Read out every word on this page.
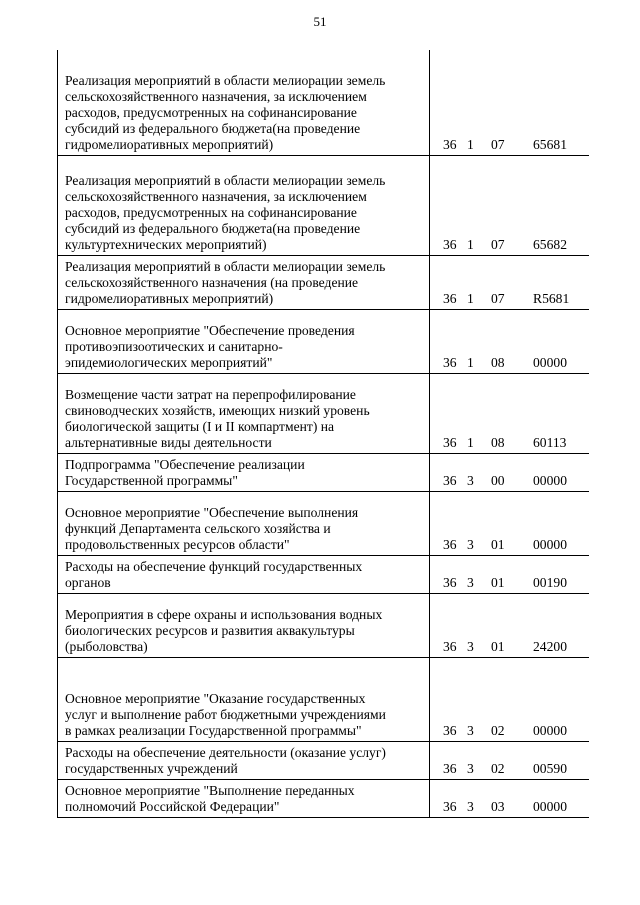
51
Реализация мероприятий в области мелиорации земель
сельскохозяйственного назначения, за исключением
расходов, предусмотренных на софинансирование
субсидий из федерального бюджета(на проведение
гидромелиоративных мероприятий)	36 1 07 65681
Реализация мероприятий в области мелиорации земель
сельскохозяйственного назначения, за исключением
расходов, предусмотренных на софинансирование
субсидий из федерального бюджета(на проведение
культуртехнических мероприятий)	36 1 07 65682
Реализация мероприятий в области мелиорации земель
сельскохозяйственного назначения (на проведение
гидромелиоративных мероприятий)	36 1 07 R5681
Основное мероприятие "Обеспечение проведения
противоэпизоотических и санитарно-
эпидемиологических мероприятий"	36 1 08 00000
Возмещение части затрат на перепрофилирование
свиноводческих хозяйств, имеющих низкий уровень
биологической защиты (I и II компартмент) на
альтернативные виды деятельности	36 1 08 60113
Подпрограмма "Обеспечение реализации
Государственной программы"	36 3 00 00000
Основное мероприятие "Обеспечение выполнения
функций Департамента сельского хозяйства и
продовольственных ресурсов области"	36 3 01 00000
Расходы на обеспечение функций государственных
органов	36 3 01 00190
Мероприятия в сфере охраны и использования водных
биологических ресурсов и развития аквакультуры
(рыболовства)	36 3 01 24200
Основное мероприятие "Оказание государственных
услуг и выполнение работ бюджетными учреждениями
в рамках реализации Государственной программы"	36 3 02 00000
Расходы на обеспечение деятельности (оказание услуг)
государственных учреждений	36 3 02 00590
Основное мероприятие "Выполнение переданных
полномочий Российской Федерации"	36 3 03 00000
